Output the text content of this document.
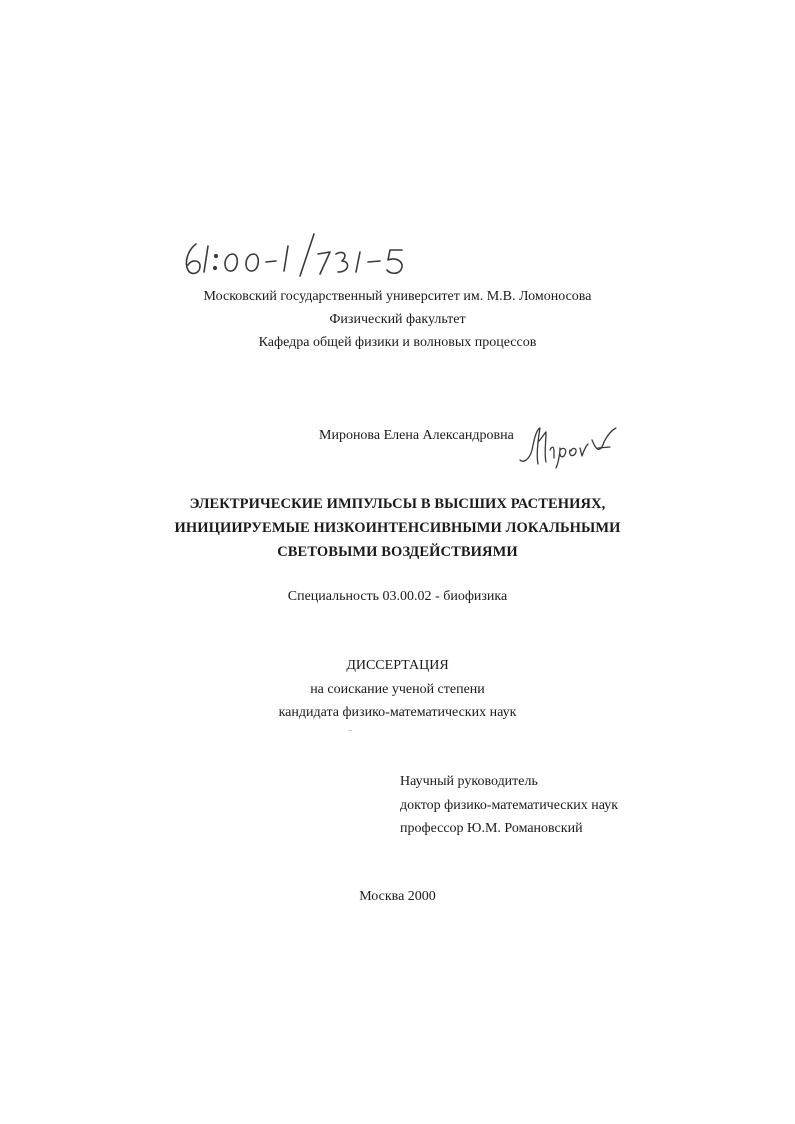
Московский государственный университет им. М.В. Ломоносова
Физический факультет
Кафедра общей физики и волновых процессов
Миронова Елена Александровна
ЭЛЕКТРИЧЕСКИЕ ИМПУЛЬСЫ В ВЫСШИХ РАСТЕНИЯХ,
ИНИЦИИРУЕМЫЕ НИЗКОИНТЕНСИВНЫМИ ЛОКАЛЬНЫМИ
СВЕТОВЫМИ ВОЗДЕЙСТВИЯМИ
Специальность 03.00.02 - биофизика
ДИССЕРТАЦИЯ
на соискание ученой степени
кандидата физико-математических наук
Научный руководитель
доктор физико-математических наук
профессор Ю.М. Романовский
Москва 2000
